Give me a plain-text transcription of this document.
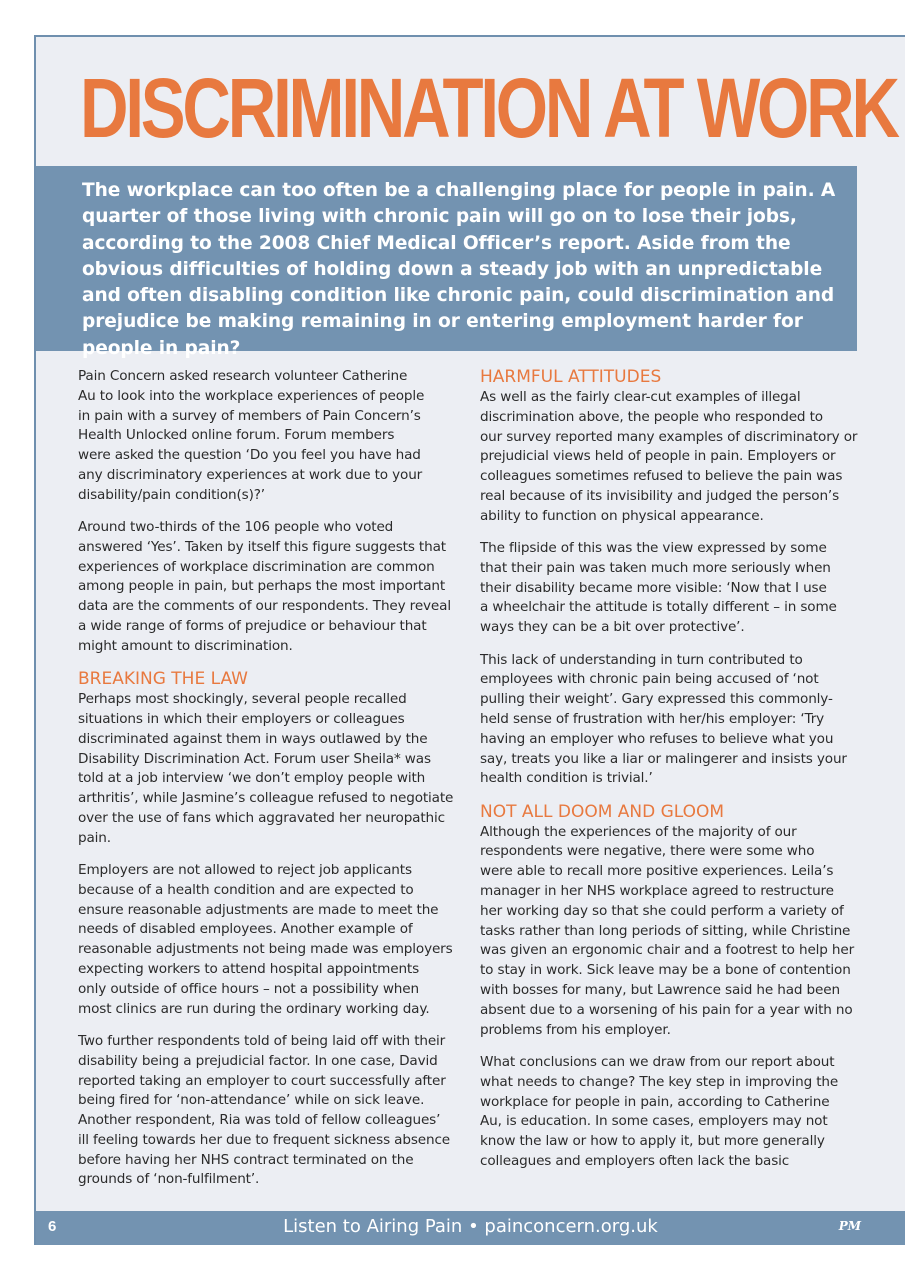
DISCRIMINATION AT WORK

The workplace can too often be a challenging place for people in pain. A quarter of those living with chronic pain will go on to lose their jobs, according to the 2008 Chief Medical Officer’s report. Aside from the obvious difficulties of holding down a steady job with an unpredictable and often disabling condition like chronic pain, could discrimination and prejudice be making remaining in or entering employment harder for people in pain?

Pain Concern asked research volunteer Catherine
Au to look into the workplace experiences of people
in pain with a survey of members of Pain Concern’s
Health Unlocked online forum. Forum members
were asked the question ‘Do you feel you have had
any discriminatory experiences at work due to your
disability/pain condition(s)?’

Around two-thirds of the 106 people who voted
answered ‘Yes’. Taken by itself this figure suggests that
experiences of workplace discrimination are common
among people in pain, but perhaps the most important
data are the comments of our respondents. They reveal
a wide range of forms of prejudice or behaviour that
might amount to discrimination.

BREAKING THE LAW

Perhaps most shockingly, several people recalled
situations in which their employers or colleagues
discriminated against them in ways outlawed by the
Disability Discrimination Act. Forum user Sheila* was
told at a job interview ‘we don’t employ people with
arthritis’, while Jasmine’s colleague refused to negotiate
over the use of fans which aggravated her neuropathic
pain.

Employers are not allowed to reject job applicants
because of a health condition and are expected to
ensure reasonable adjustments are made to meet the
needs of disabled employees. Another example of
reasonable adjustments not being made was employers
expecting workers to attend hospital appointments
only outside of office hours – not a possibility when
most clinics are run during the ordinary working day.

Two further respondents told of being laid off with their
disability being a prejudicial factor. In one case, David
reported taking an employer to court successfully after
being fired for ‘non-attendance’ while on sick leave.
Another respondent, Ria was told of fellow colleagues’
ill feeling towards her due to frequent sickness absence
before having her NHS contract terminated on the
grounds of ‘non-fulfilment’.

HARMFUL ATTITUDES

As well as the fairly clear-cut examples of illegal
discrimination above, the people who responded to
our survey reported many examples of discriminatory or
prejudicial views held of people in pain. Employers or
colleagues sometimes refused to believe the pain was
real because of its invisibility and judged the person’s
ability to function on physical appearance.

The flipside of this was the view expressed by some
that their pain was taken much more seriously when
their disability became more visible: ‘Now that I use
a wheelchair the attitude is totally different – in some
ways they can be a bit over protective’.

This lack of understanding in turn contributed to
employees with chronic pain being accused of ‘not
pulling their weight’. Gary expressed this commonly-
held sense of frustration with her/his employer: ‘Try
having an employer who refuses to believe what you
say, treats you like a liar or malingerer and insists your
health condition is trivial.’

NOT ALL DOOM AND GLOOM

Although the experiences of the majority of our
respondents were negative, there were some who
were able to recall more positive experiences. Leila’s
manager in her NHS workplace agreed to restructure
her working day so that she could perform a variety of
tasks rather than long periods of sitting, while Christine
was given an ergonomic chair and a footrest to help her
to stay in work. Sick leave may be a bone of contention
with bosses for many, but Lawrence said he had been
absent due to a worsening of his pain for a year with no
problems from his employer.

What conclusions can we draw from our report about
what needs to change? The key step in improving the
workplace for people in pain, according to Catherine
Au, is education. In some cases, employers may not
know the law or how to apply it, but more generally
colleagues and employers often lack the basic

6	Listen to Airing Pain • painconcern.org.uk	PM
